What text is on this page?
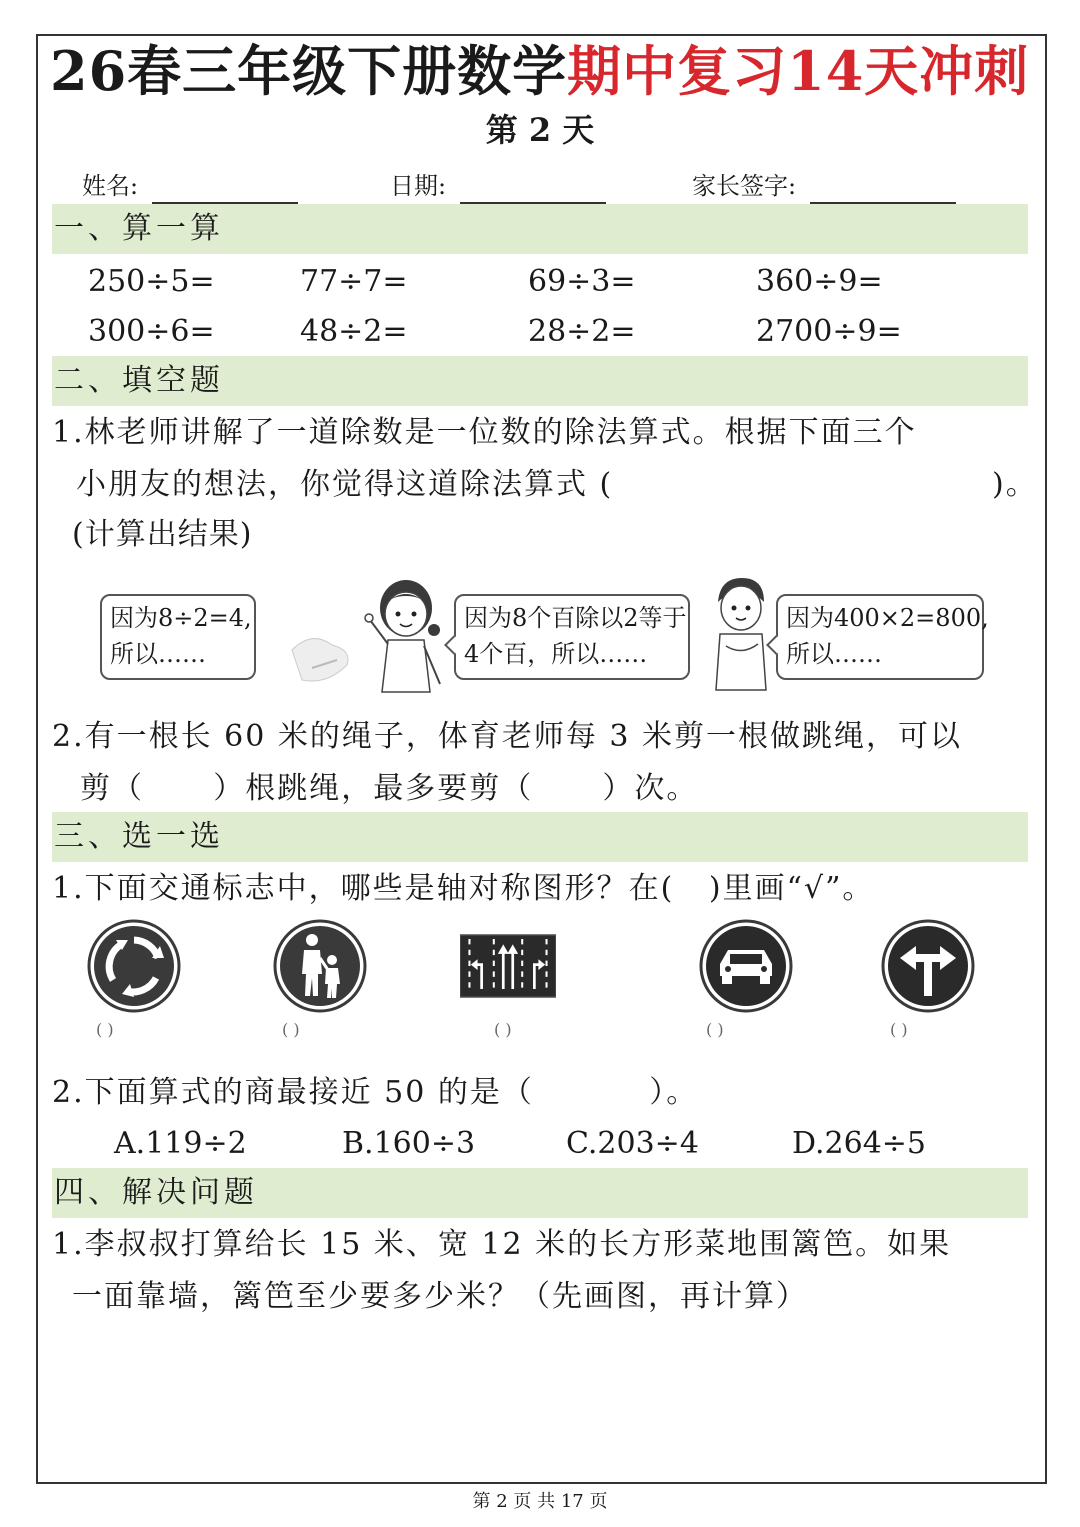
26春三年级下册数学期中复习14天冲刺
第 2 天
姓名:	日期:	家长签字:
一、算一算
250÷5=	77÷7=	69÷3=	360÷9=
300÷6=	48÷2=	28÷2=	2700÷9=
二、填空题
1.林老师讲解了一道除数是一位数的除法算式。根据下面三个
小朋友的想法，你觉得这道除法算式 (	)。
(计算出结果)
因为8÷2=4,
所以……
因为8个百除以2等于
4个百，所以……
因为400×2=800,
所以……
2.有一根长 60 米的绳子，体育老师每 3 米剪一根做跳绳，可以
剪（      ）根跳绳，最多要剪（      ）次。
三、选一选
1.下面交通标志中，哪些是轴对称图形？在(   )里画“√”。
( )	( )	( )	( )	( )
2.下面算式的商最接近 50 的是（          ）。
A.119÷2	B.160÷3	C.203÷4	D.264÷5
四、解决问题
1.李叔叔打算给长 15 米、宽 12 米的长方形菜地围篱笆。如果
一面靠墙，篱笆至少要多少米？（先画图，再计算）
第 2 页 共 17 页
